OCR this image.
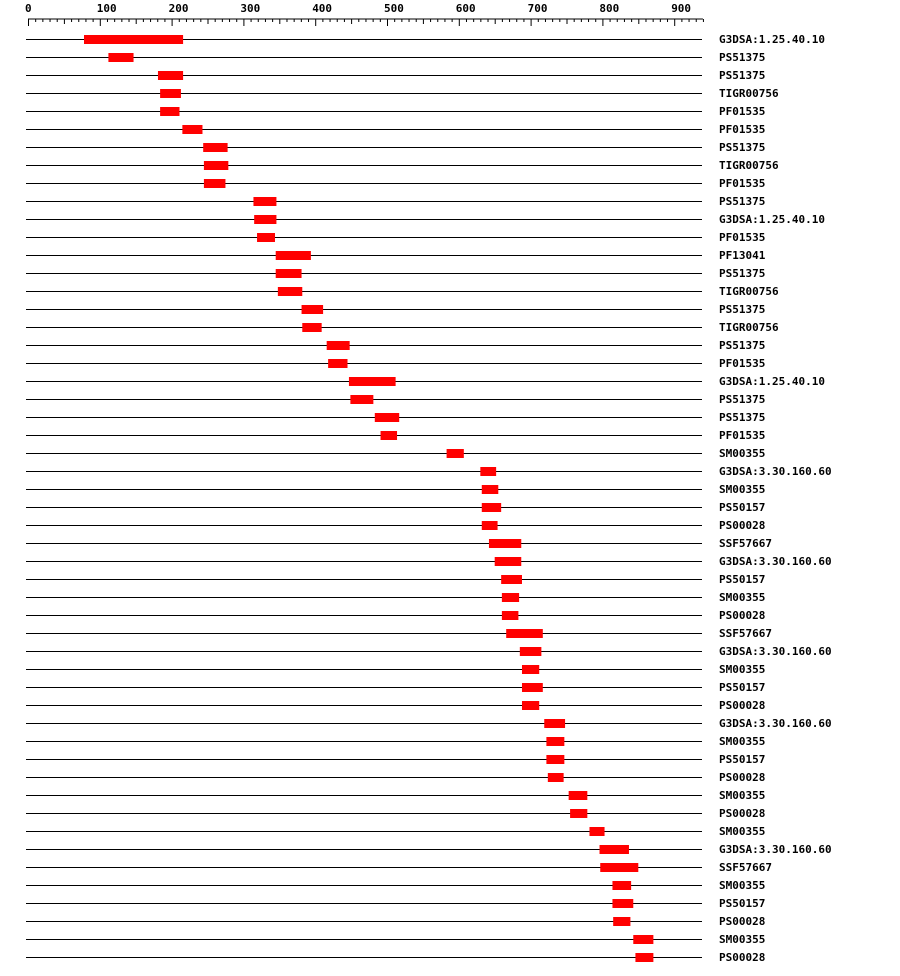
0	100	200	300	400	500	600	700	800	900
G3DSA:1.25.40.10
PS51375
PS51375
TIGR00756
PF01535
PF01535
PS51375
TIGR00756
PF01535
PS51375
G3DSA:1.25.40.10
PF01535
PF13041
PS51375
TIGR00756
PS51375
TIGR00756
PS51375
PF01535
G3DSA:1.25.40.10
PS51375
PS51375
PF01535
SM00355
G3DSA:3.30.160.60
SM00355
PS50157
PS00028
SSF57667
G3DSA:3.30.160.60
PS50157
SM00355
PS00028
SSF57667
G3DSA:3.30.160.60
SM00355
PS50157
PS00028
G3DSA:3.30.160.60
SM00355
PS50157
PS00028
SM00355
PS00028
SM00355
G3DSA:3.30.160.60
SSF57667
SM00355
PS50157
PS00028
SM00355
PS00028
